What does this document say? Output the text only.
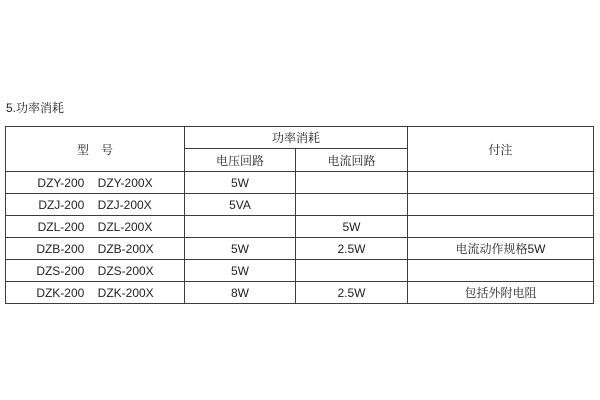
5.功率消耗
型　号	功率消耗		付注
	电压回路	电流回路	
DZY-200    DZY-200X	5W		
DZJ-200    DZJ-200X	5VA		
DZL-200    DZL-200X		5W	
DZB-200    DZB-200X	5W	2.5W	电流动作规格5W
DZS-200    DZS-200X	5W		
DZK-200    DZK-200X	8W	2.5W	包括外附电阻
